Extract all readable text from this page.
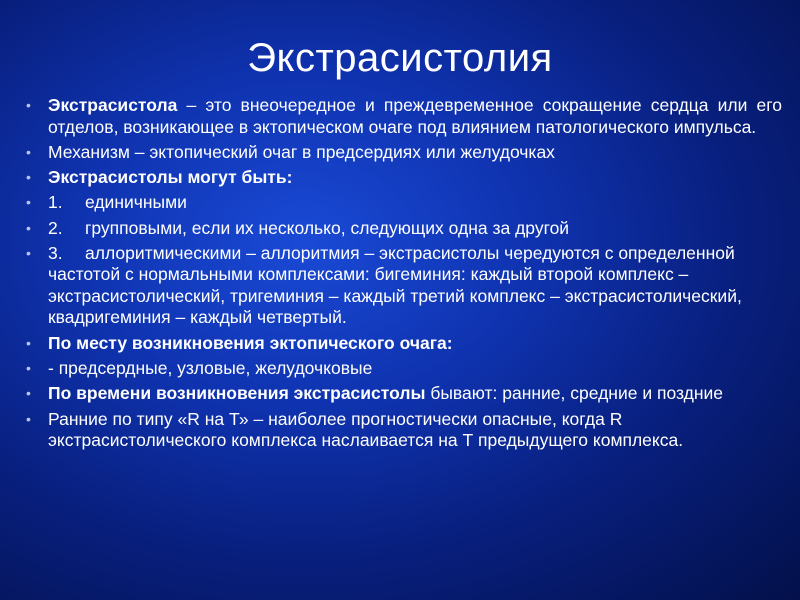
Экстрасистолия
• Экстрасистола – это внеочередное и преждевременное сокращение сердца или его отделов, возникающее в эктопическом очаге под влиянием патологического импульса.
• Механизм – эктопический очаг в предсердиях или желудочках
• Экстрасистолы могут быть:
• 1. единичными
• 2. групповыми, если их несколько, следующих одна за другой
• 3. аллоритмическими – аллоритмия – экстрасистолы чередуются с определенной частотой с нормальными комплексами: бигеминия: каждый второй комплекс – экстрасистолический, тригеминия – каждый третий комплекс – экстрасистолический, квадригеминия – каждый четвертый.
• По месту возникновения эктопического очага:
• - предсердные, узловые, желудочковые
• По времени возникновения экстрасистолы бывают: ранние, средние и поздние
• Ранние по типу «R на Т» – наиболее прогностически опасные, когда R экстрасистолического комплекса наслаивается на Т предыдущего комплекса.
